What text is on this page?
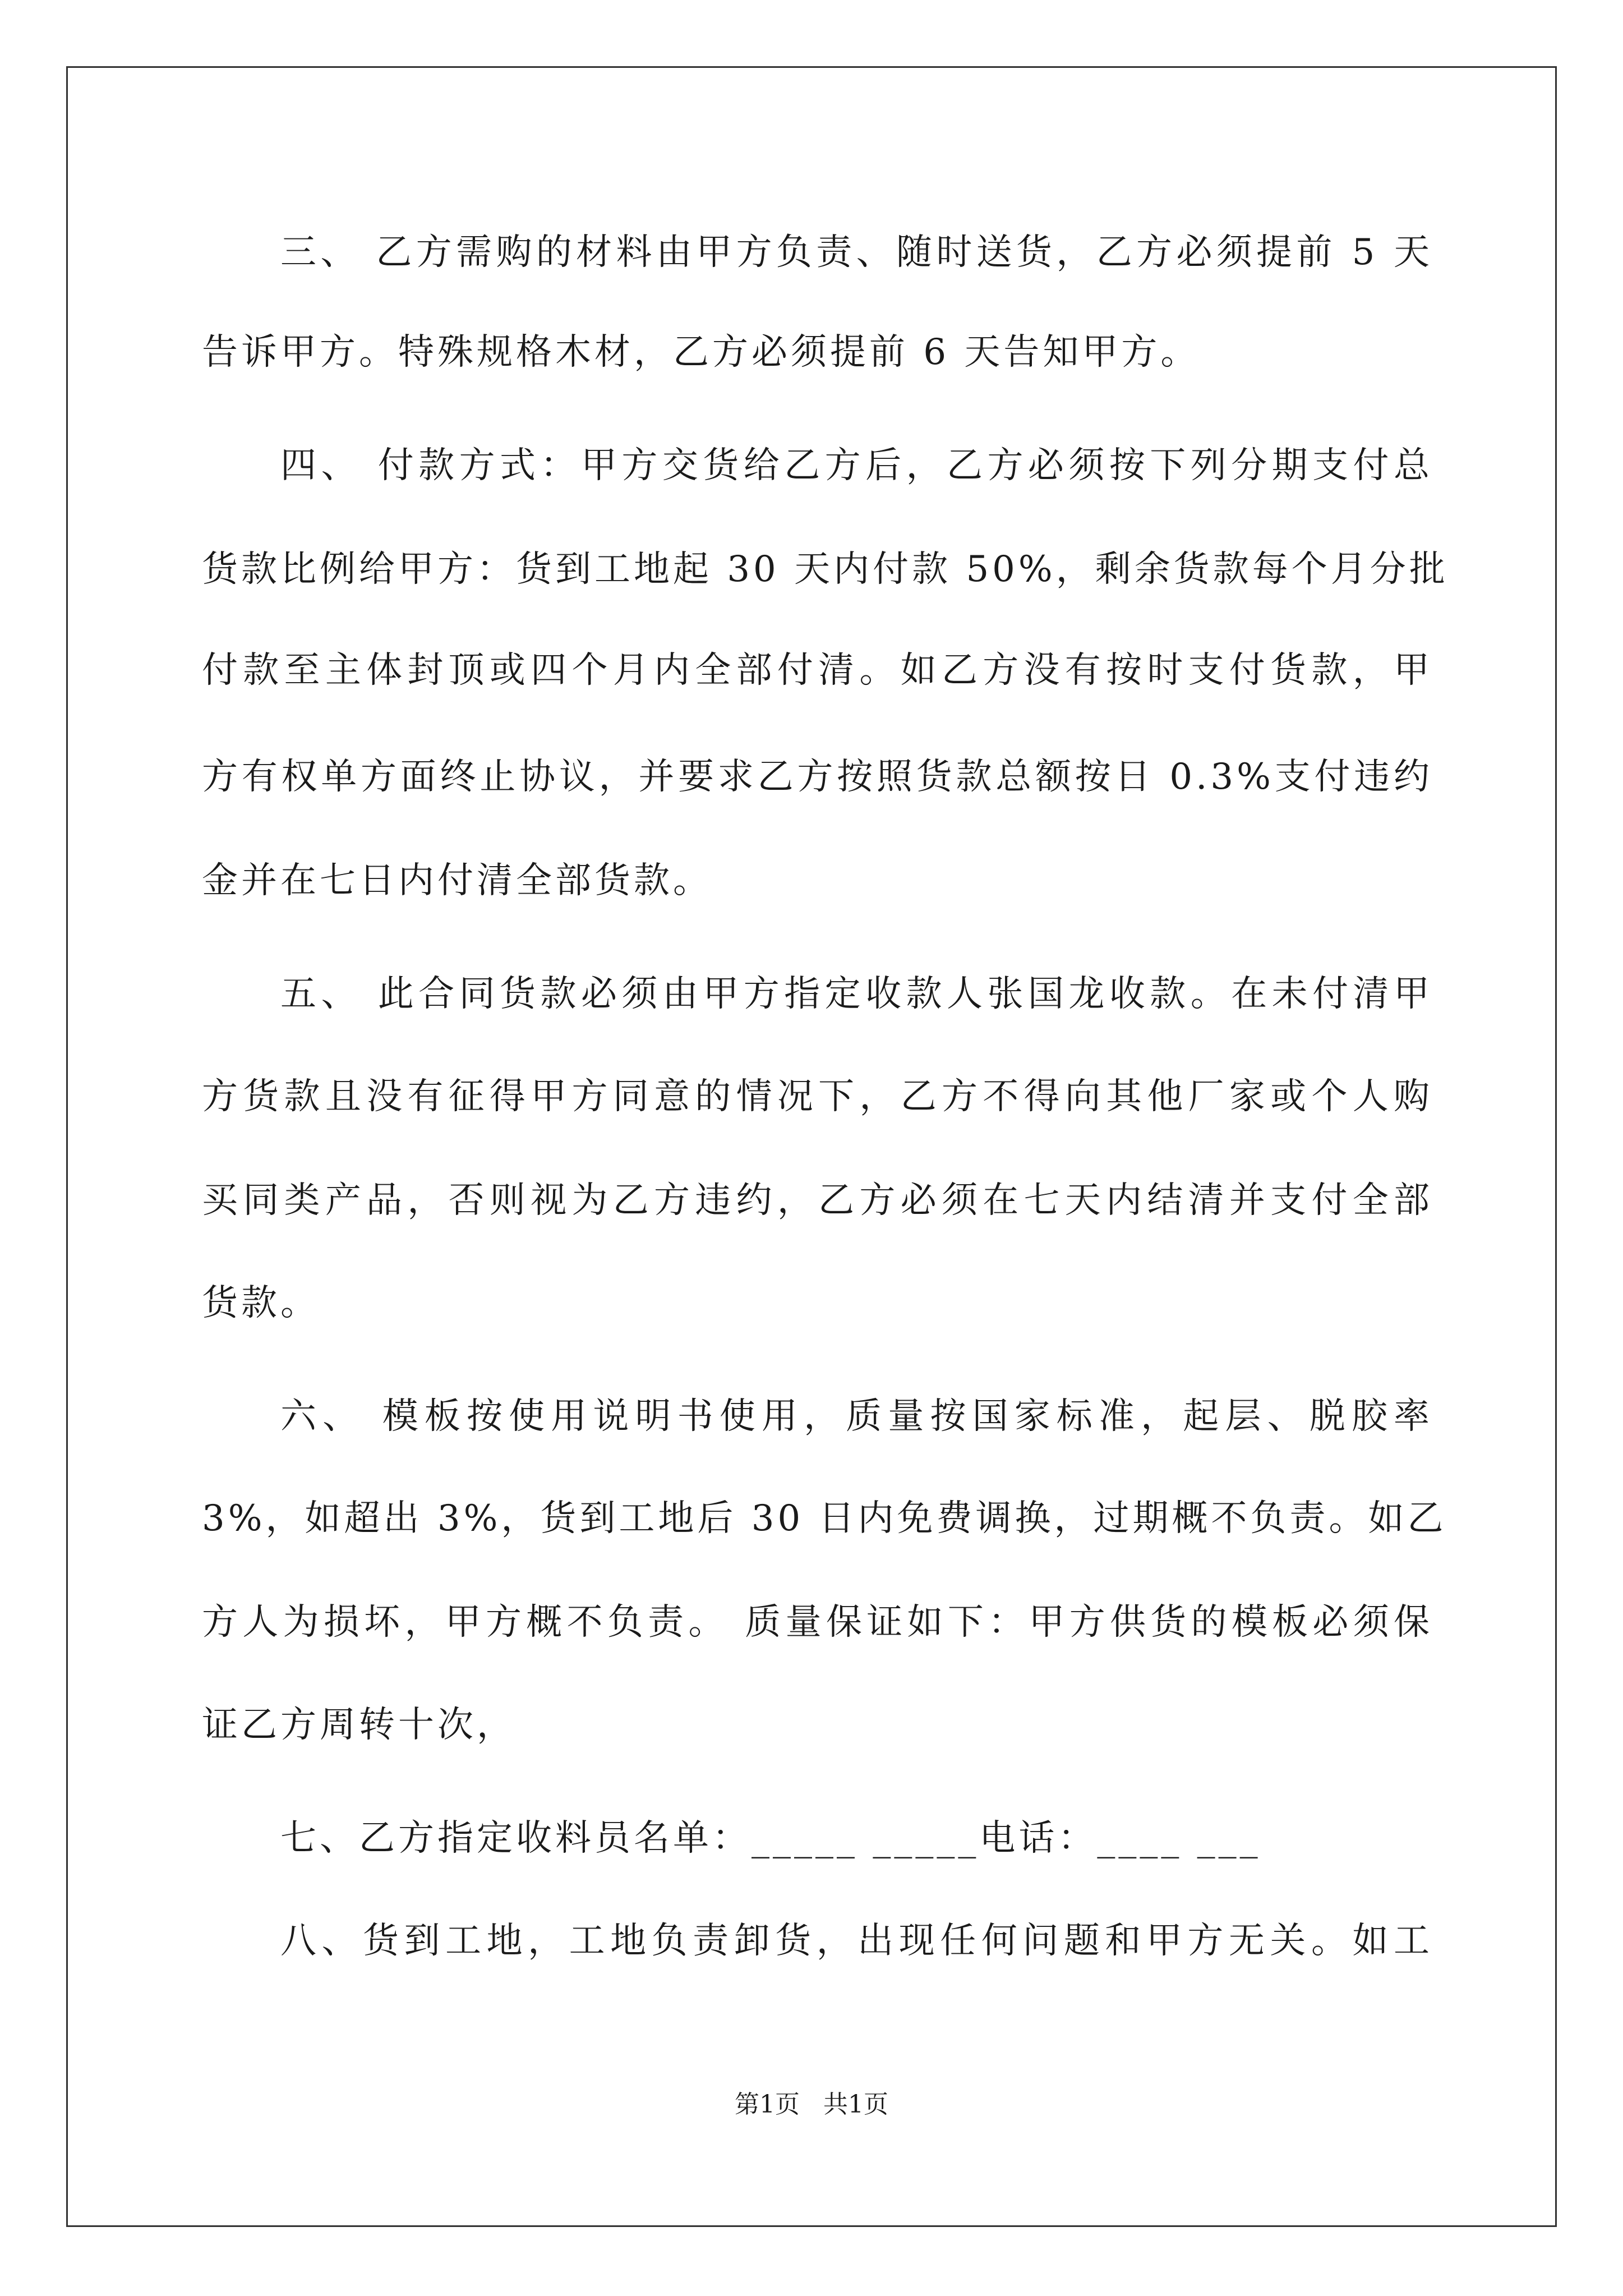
三、 乙方需购的材料由甲方负责、随时送货，乙方必须提前 5 天
告诉甲方。特殊规格木材，乙方必须提前 6 天告知甲方。
四、 付款方式：甲方交货给乙方后，乙方必须按下列分期支付总
货款比例给甲方：货到工地起 30 天内付款 50%，剩余货款每个月分批
付款至主体封顶或四个月内全部付清。如乙方没有按时支付货款，甲
方有权单方面终止协议，并要求乙方按照货款总额按日 0.3%支付违约
金并在七日内付清全部货款。
五、 此合同货款必须由甲方指定收款人张国龙收款。在未付清甲
方货款且没有征得甲方同意的情况下，乙方不得向其他厂家或个人购
买同类产品，否则视为乙方违约，乙方必须在七天内结清并支付全部
货款。
六、 模板按使用说明书使用，质量按国家标准，起层、脱胶率
3%，如超出 3%，货到工地后 30 日内免费调换，过期概不负责。如乙
方人为损坏，甲方概不负责。 质量保证如下：甲方供货的模板必须保
证乙方周转十次，
七、乙方指定收料员名单：_____ _____电话：____ ___
八、货到工地，工地负责卸货，出现任何问题和甲方无关。如工
第1页 共1页
